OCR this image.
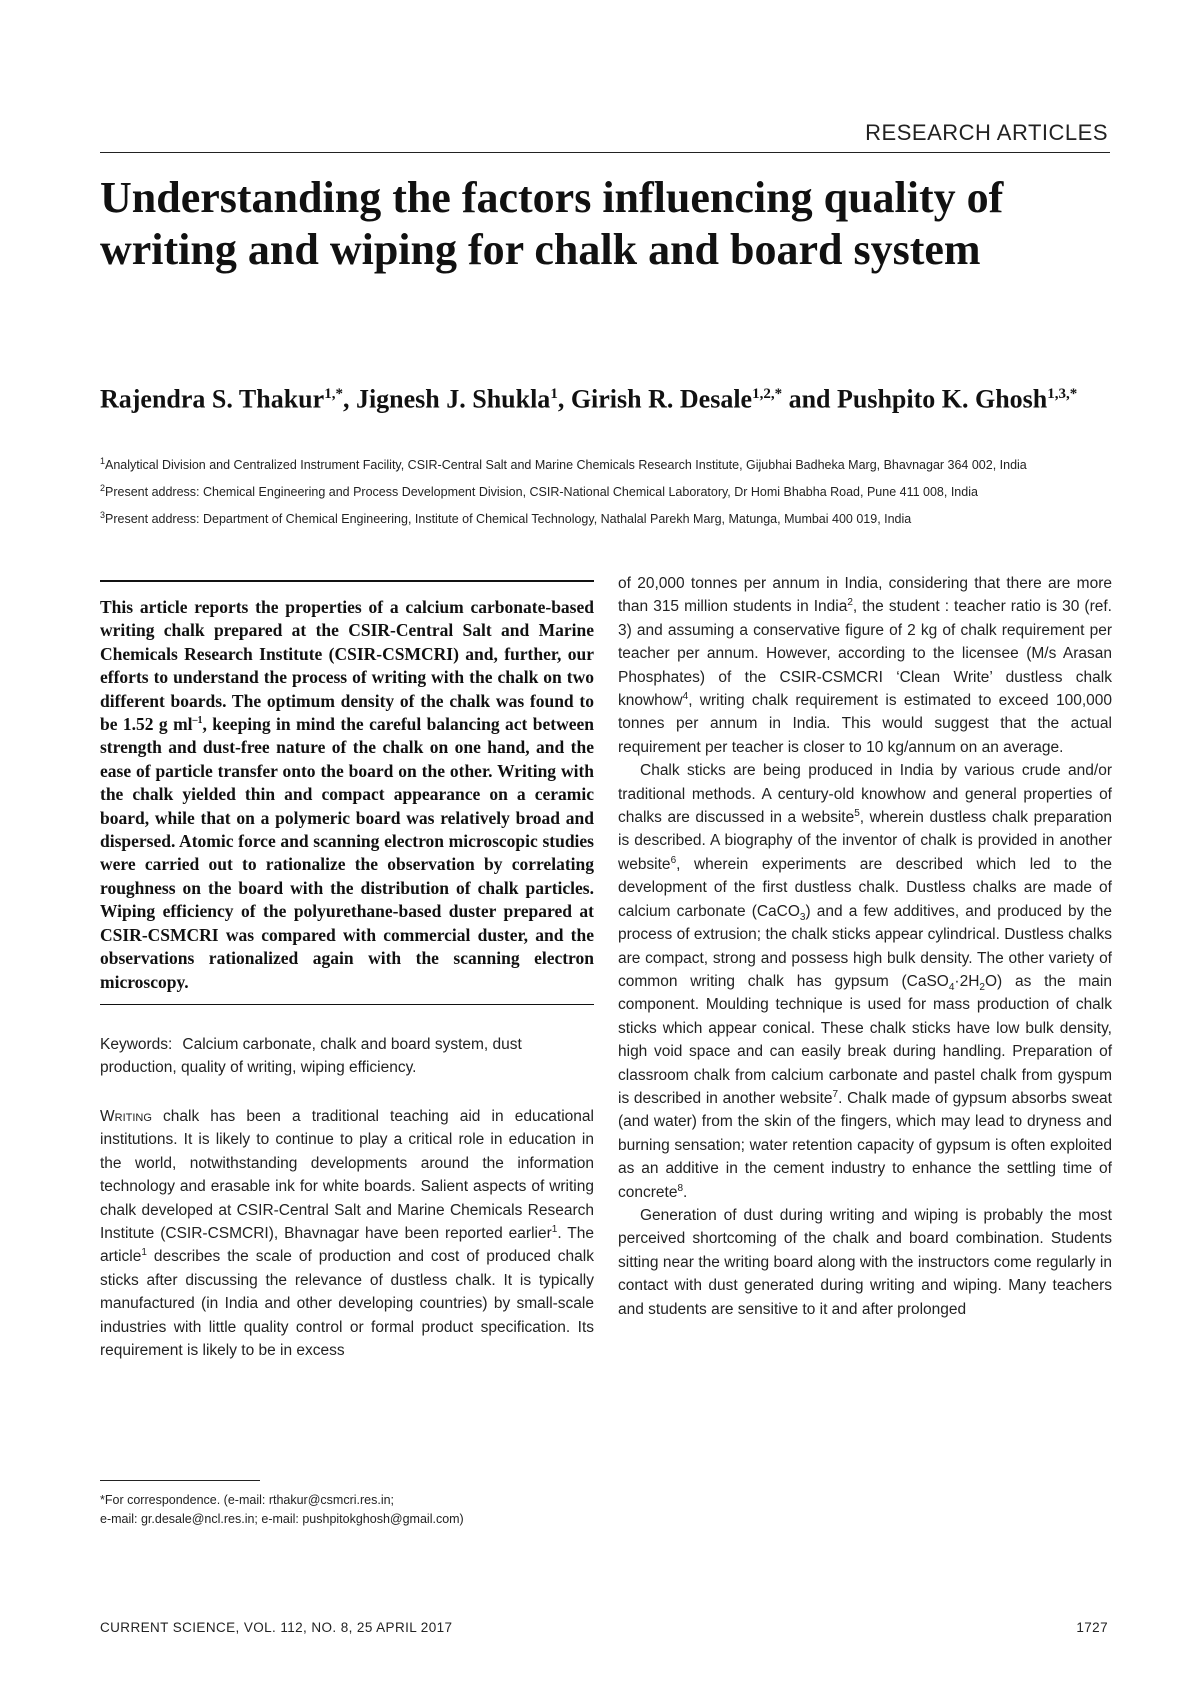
RESEARCH ARTICLES
Understanding the factors influencing quality of writing and wiping for chalk and board system
Rajendra S. Thakur$^{1,*}$, Jignesh J. Shukla$^1$, Girish R. Desale$^{1,2,*}$ and Pushpito K. Ghosh$^{1,3,*}$

$^1$Analytical Division and Centralized Instrument Facility, CSIR-Central Salt and Marine Chemicals Research Institute, Gijubhai Badheka Marg, Bhavnagar 364 002, India

$^2$Present address: Chemical Engineering and Process Development Division, CSIR-National Chemical Laboratory, Dr Homi Bhabha Road, Pune 411 008, India

$^3$Present address: Department of Chemical Engineering, Institute of Chemical Technology, Nathalal Parekh Marg, Matunga, Mumbai 400 019, India

This article reports the properties of a calcium carbonate-based writing chalk prepared at the CSIR-Central Salt and Marine Chemicals Research Institute (CSIR-CSMCRI) and, further, our efforts to understand the process of writing with the chalk on two different boards. The optimum density of the chalk was found to be 1.52 g ml$^{-1}$, keeping in mind the careful balancing act between strength and dust-free nature of the chalk on one hand, and the ease of particle transfer onto the board on the other. Writing with the chalk yielded thin and compact appearance on a ceramic board, while that on a polymeric board was relatively broad and dispersed. Atomic force and scanning electron microscopic studies were carried out to rationalize the observation by correlating roughness on the board with the distribution of chalk particles. Wiping efficiency of the polyurethane-based duster prepared at CSIR-CSMCRI was compared with commercial duster, and the observations rationalized again with the scanning electron microscopy.

Keywords: Calcium carbonate, chalk and board system, dust production, quality of writing, wiping efficiency.

Writing chalk has been a traditional teaching aid in educational institutions. It is likely to continue to play a critical role in education in the world, notwithstanding developments around the information technology and erasable ink for white boards. Salient aspects of writing chalk developed at CSIR-Central Salt and Marine Chemicals Research Institute (CSIR-CSMCRI), Bhavnagar have been reported earlier$^1$. The article$^1$ describes the scale of production and cost of produced chalk sticks after discussing the relevance of dustless chalk. It is typically manufactured (in India and other developing countries) by small-scale industries with little quality control or formal product specification. Its requirement is likely to be in excess

of 20,000 tonnes per annum in India, considering that there are more than 315 million students in India$^2$, the student : teacher ratio is 30 (ref. 3) and assuming a conservative figure of 2 kg of chalk requirement per teacher per annum. However, according to the licensee (M/s Arasan Phosphates) of the CSIR-CSMCRI ‘Clean Write’ dustless chalk knowhow$^4$, writing chalk requirement is estimated to exceed 100,000 tonnes per annum in India. This would suggest that the actual requirement per teacher is closer to 10 kg/annum on an average.

Chalk sticks are being produced in India by various crude and/or traditional methods. A century-old knowhow and general properties of chalks are discussed in a website$^5$, wherein dustless chalk preparation is described. A biography of the inventor of chalk is provided in another website$^6$, wherein experiments are described which led to the development of the first dustless chalk. Dustless chalks are made of calcium carbonate (CaCO$_3$) and a few additives, and produced by the process of extrusion; the chalk sticks appear cylindrical. Dustless chalks are compact, strong and possess high bulk density. The other variety of common writing chalk has gypsum $(CaSO_4\cdot 2H_2O)$ as the main component. Moulding technique is used for mass production of chalk sticks which appear conical. These chalk sticks have low bulk density, high void space and can easily break during handling. Preparation of classroom chalk from calcium carbonate and pastel chalk from gyspum is described in another website$^7$. Chalk made of gypsum absorbs sweat (and water) from the skin of the fingers, which may lead to dryness and burning sensation; water retention capacity of gypsum is often exploited as an additive in the cement industry to enhance the settling time of concrete$^8$.

Generation of dust during writing and wiping is probably the most perceived shortcoming of the chalk and board combination. Students sitting near the writing board along with the instructors come regularly in contact with dust generated during writing and wiping. Many teachers and students are sensitive to it and after prolonged

*For correspondence. (e-mail: rthakur@csmcri.res.in;
e-mail: gr.desale@ncl.res.in; e-mail: pushpitokghosh@gmail.com)
CURRENT SCIENCE, VOL. 112, NO. 8, 25 APRIL 2017	1727
